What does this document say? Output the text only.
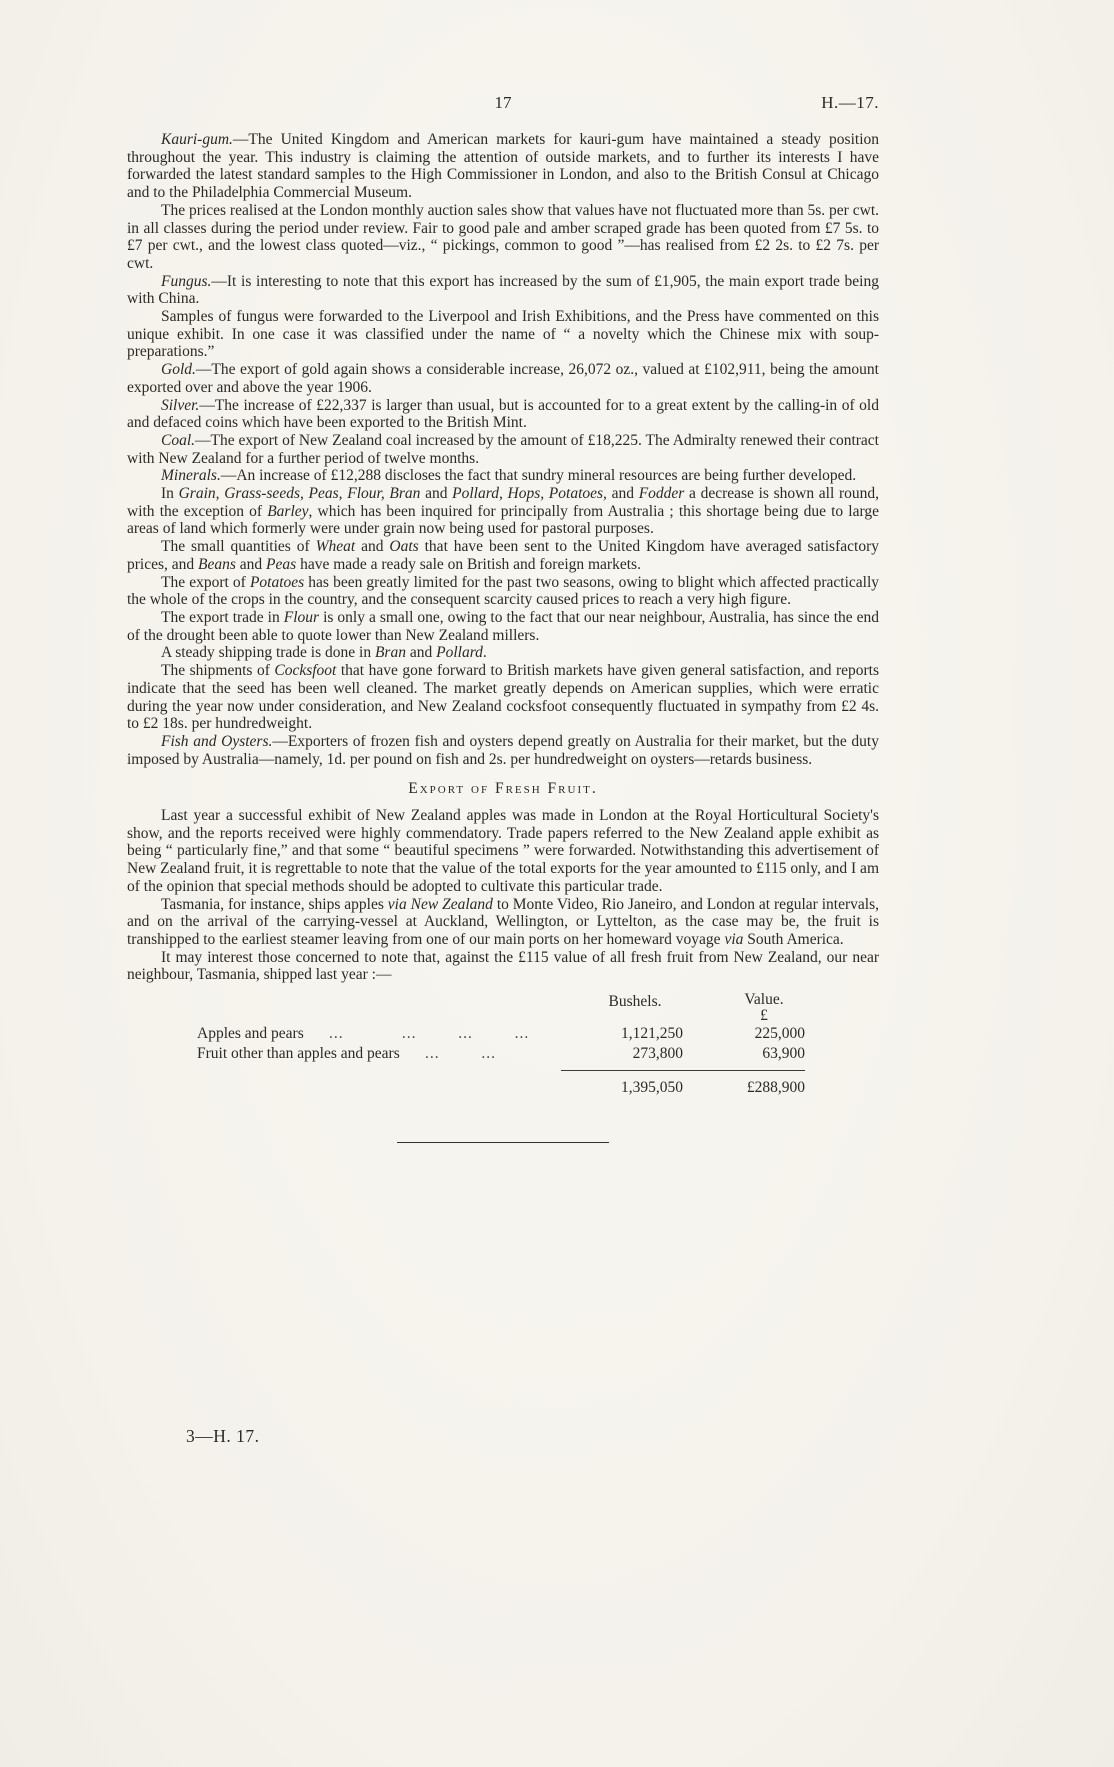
17	H.—17.

Kauri-gum.—The United Kingdom and American markets for kauri-gum have maintained a steady position throughout the year. This industry is claiming the attention of outside markets, and to further its interests I have forwarded the latest standard samples to the High Commissioner in London, and also to the British Consul at Chicago and to the Philadelphia Commercial Museum.

The prices realised at the London monthly auction sales show that values have not fluctuated more than 5s. per cwt. in all classes during the period under review. Fair to good pale and amber scraped grade has been quoted from £7 5s. to £7 per cwt., and the lowest class quoted—viz., “ pickings, common to good ”—has realised from £2 2s. to £2 7s. per cwt.

Fungus.—It is interesting to note that this export has increased by the sum of £1,905, the main export trade being with China.

Samples of fungus were forwarded to the Liverpool and Irish Exhibitions, and the Press have commented on this unique exhibit. In one case it was classified under the name of “ a novelty which the Chinese mix with soup-preparations.”

Gold.—The export of gold again shows a considerable increase, 26,072 oz., valued at £102,911, being the amount exported over and above the year 1906.

Silver.—The increase of £22,337 is larger than usual, but is accounted for to a great extent by the calling-in of old and defaced coins which have been exported to the British Mint.

Coal.—The export of New Zealand coal increased by the amount of £18,225. The Admiralty renewed their contract with New Zealand for a further period of twelve months.

Minerals.—An increase of £12,288 discloses the fact that sundry mineral resources are being further developed.

In Grain, Grass-seeds, Peas, Flour, Bran and Pollard, Hops, Potatoes, and Fodder a decrease is shown all round, with the exception of Barley, which has been inquired for principally from Australia ; this shortage being due to large areas of land which formerly were under grain now being used for pastoral purposes.

The small quantities of Wheat and Oats that have been sent to the United Kingdom have averaged satisfactory prices, and Beans and Peas have made a ready sale on British and foreign markets.

The export of Potatoes has been greatly limited for the past two seasons, owing to blight which affected practically the whole of the crops in the country, and the consequent scarcity caused prices to reach a very high figure.

The export trade in Flour is only a small one, owing to the fact that our near neighbour, Australia, has since the end of the drought been able to quote lower than New Zealand millers.

A steady shipping trade is done in Bran and Pollard.

The shipments of Cocksfoot that have gone forward to British markets have given general satisfaction, and reports indicate that the seed has been well cleaned. The market greatly depends on American supplies, which were erratic during the year now under consideration, and New Zealand cocksfoot consequently fluctuated in sympathy from £2 4s. to £2 18s. per hundredweight.

Fish and Oysters.—Exporters of frozen fish and oysters depend greatly on Australia for their market, but the duty imposed by Australia—namely, 1d. per pound on fish and 2s. per hundredweight on oysters—retards business.

Export of Fresh Fruit.

Last year a successful exhibit of New Zealand apples was made in London at the Royal Horticultural Society's show, and the reports received were highly commendatory. Trade papers referred to the New Zealand apple exhibit as being “ particularly fine,” and that some “ beautiful specimens ” were forwarded. Notwithstanding this advertisement of New Zealand fruit, it is regrettable to note that the value of the total exports for the year amounted to £115 only, and I am of the opinion that special methods should be adopted to cultivate this particular trade.

Tasmania, for instance, ships apples via New Zealand to Monte Video, Rio Janeiro, and London at regular intervals, and on the arrival of the carrying-vessel at Auckland, Wellington, or Lyttelton, as the case may be, the fruit is transhipped to the earliest steamer leaving from one of our main ports on her homeward voyage via South America.

It may interest those concerned to note that, against the £115 value of all fresh fruit from New Zealand, our near neighbour, Tasmania, shipped last year :—

Bushels.	Value.
£
Apples and pears  ...    ...   ...   ...	1,121,250	225,000
Fruit other than apples and pears  ...   ...	273,800	63,900
1,395,050	£288,900
3—H. 17.
